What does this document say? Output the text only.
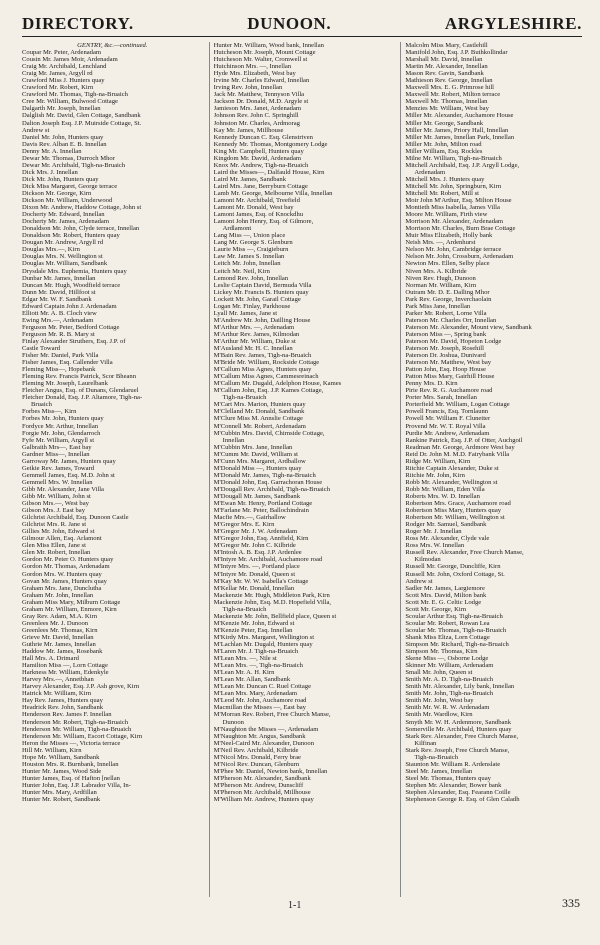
DIRECTORY.	DUNOON.	ARGYLESHIRE.
GENTRY, &c.—continued.
Coupar Mr. Peter, Ardenadam
Cousin Mr. James Moir, Ardenadam
Craig Mr. Archibald, Lenchland
Craig Mr. James, Argyll rd
Crawford Miss J. Hunters quay
Crawford Mr. Robert, Kirn
Crawford Mr. Thomas, Tigh-na-Bruaich
Cree Mr. William, Bulwood Cottage
Dalgarth Mr. Joseph, Innellan
Dalglish Mr. David, Glen Cottage, Sandbank
Dalton Joseph Esq. J.P. Muirside Cottage, St.
Andrew st
Daniel Mr. John, Hunters quay
Davis Rev. Alban E. B. Innellan
Denny Mr. A. Innellan
Dewar Mr. Thomas, Durroch Mhor
Dewar Mr. Archibald, Tigh-na-Bruaich
Dick Mrs. J. Innellan
Dick Mr. John, Hunters quay
Dick Miss Margaret, George terrace
Dickson Mr. George, Kirn
Dickson Mr. William, Underwood
Dixon Mr. Andrew, Haddow Cottage, John st
Docherty Mr. Edward, Innellan
Docherty Mr. James, Ardenadam
Donaldson Mr. John, Clyde terrace, Innellan
Donaldson Mr. Robert, Hunters quay
Dougan Mr. Andrew, Argyll rd
Douglas Mrs.—, Kirn
Douglas Mrs. N. Wellington st
Douglas Mr. William, Sandbank
Drysdale Mrs. Euphemia, Hunters quay
Dunbar Mr. James, Innellan
Duncan Mr. Hugh, Woodfield terrace
Dunn Mr. David, Hillfoot st
Edgar Mr. W. F. Sandbank
Edward Captain John J. Ardenadam
Elliott Mr. A. B. Cloch view
Ewing Mrs.—, Ardenadam
Ferguson Mr. Peter, Bedford Cottage
Ferguson Mr. R. B. Mary st
Finlay Alexander Struthers, Esq. J.P. of
Castle Toward
Fisher Mr. Daniel, Park Villa
Fisher James, Esq. Callender Villa
Fleming Miss—, Hopebank
Fleming Rev. Francis Patrick, Scor Bheann
Fleming Mr. Joseph, Laurelbank
Fletcher Angus, Esq. of Dunans, Glendaruel
Fletcher Donald, Esq. J.P. Altamore, Tigh-na-
Bruaich
Forbes Miss—, Kirn
Forbes Mr. John, Hunters quay
Fordyce Mr. Arthur, Innellan
Forgie Mr. John, Glendarroch
Fyfe Mr. William, Argyll st
Galbraith Mrs—, East bay
Gardner Miss—, Innellan
Garroway Mr. James, Hunters quay
Geikie Rev. James, Toward
Gemmell James, Esq. M.D. John st
Gemmell Mrs. W. Innellan
Gibb Mr. Alexander, Jane Villa
Gibb Mr. William, John st
Gibson Mrs.—, West bay
Gibson Mrs. J. East bay
Gilchrist Archibald, Esq. Dunoon Castle
Gilchrist Mrs. R. Jane st
Gillies Mr. John, Edward st
Gilmour Allen, Esq. Arlamont
Glen Miss Ellen, Jane st
Glen Mr. Robert, Innellan
Gordon Mr. Peter O. Hunters quay
Gordon Mr. Thomas, Ardenadam
Gordon Mrs. W. Hunters quay
Govan Mr. James, Hunters quay
Graham Mrs. Jane, Dunclutha
Graham Mr. John, Innellan
Graham Miss Mary, Milburn Cottage
Graham Mr. William, Enmore, Kirn
Gray Rev. Adam, M.A. Kirn
Greenlees Mr. J. Dunoon
Greenlees Mr. Thomas, Kirn
Grieve Mr. David, Innellan
Guthrie Mr. James, Innellan
Haddow Mr. James, Rosebank
Hall Mrs. A. Drimard
Hamilton Miss —, Lorn Cottage
Harkness Mr. William, Edenkyle
Harvey Mrs.—, Annetbhan
Harvey Alexander, Esq. J.P. Ash grove, Kirn
Hatrick Mr. William, Kirn
Hay Rev. James, Hunters quay
Headrick Rev. John, Sandbank
Henderson Rev. James F. Innellan
Henderson Mr. Robert, Tigh-na-Bruaich
Henderson Mr. William, Tigh-na-Bruaich
Henderson Mr. William, Escort Cottage, Kirn
Heron the Misses —, Victoria terrace
Hill Mr. William, Kirn
Hope Mr. William, Sandbank
Houston Mrs. R. Burnbank, Innellan
Hunter Mr. James, Wood Side
Hunter James, Esq. of Hafton [nellan
Hunter John, Esq. J.P. Labrador Villa, In-
Hunter Mrs. Mary, Ardfillan
Hunter Mr. Robert, Sandbank
Hunter Mr. William, Wood bank, Innellan
Hutcheson Mr. Joseph, Mount Cottage
Hutcheson Mr. Walter, Cromwell st
Hutchinson Mrs. —, Innellan
Hyde Mrs. Elizabeth, West bay
Irvine Mr. Charles Edward, Innellan
Irving Rev. John, Innellan
Jack Mr. Matthew, Tennyson Villa
Jackson Dr. Donald, M.D. Argyle st
Jamieson Mrs. Janet, Ardenadam
Johnson Rev. John C. Springhill
Johnston Mr. Charles, Ardmorag
Kay Mr. James, Millhouse
Kennedy Duncan C. Esq. Glenstriven
Kennedy Mr. Thomas, Montgomery Lodge
King Mr. Campbell, Hunters quay
Kingdom Mr. David, Ardenadam
Knox Mr. Andrew, Tigh-na-Bruaich
Laird the Misses—, Dalfauld House, Kirn
Laird Mr. James, Sandbank
Laird Mrs. Jane, Berryburn Cottage
Lamb Mr. George, Melbourne Villa, Innellan
Lamont Mr. Archibald, Treefield
Lamont Mr. Donald, West bay
Lamont James, Esq. of Knockdhu
Lamont John Henry, Esq. of Gilmore,
Ardlamont
Lang Miss —, Union place
Lang Mr. George S. Glenburn
Laurie Miss —, Craigieburn
Law Mr. James S. Innellan
Leitch Mr. John, Innellan
Leitch Mr. Neil, Kirn
Lemond Rev. John, Innellan
Leslie Captain David, Bermuda Villa
Lickey Mr. Francis B. Hunters quay
Lockett Mr. John, Garail Cottage
Logan Mr. Finlay, Parkhouse
Lyall Mr. James, Jane st
M'Andrew Mr. John, Dailling House
M'Arthur Mrs. —, Ardenadam
M'Arthur Rev. James, Kilmodan
M'Arthur Mr. William, Duke st
M'Ausland Mr. H. C. Innellan
M'Bain Rev. James, Tigh-na-Bruaich
M'Bride Mr. William, Rockside Cottage
M'Callum Miss Agnes, Hunters quay
M'Callum Miss Agnes, Cammesreinach
M'Callum Mr. Dugald, Adelphon House, Kames
M'Callum John, Esq. J.P. Kames Cottage,
Tigh-na-Bruaich
M'Cart Mrs. Marion, Hunters quay
M'Clelland Mr. Donald, Sandbank
M'Clure Miss M. Annslie Cottage
M'Connell Mr. Robert, Ardenadam
M'Cubbin Mrs. David, Chirnside Cottage,
Innellan
M'Cubbin Mrs. Jane, Innellan
M'Cumm Mr. David, William st
M'Cunn Mrs. Margaret, Ardballow
M'Donald Miss —, Hunters quay
M'Donald Mr. James, Tigh-na-Bruaich
M'Donald John, Esq. Garrachoran House
M'Dougall Rev. Archibald, Tigh-na-Bruaich
M'Dougall Mr. James, Sandbank
M'Ewan Mr. Henry, Portland Cottage
M'Farlane Mr. Peter, Ballochindrain
Macfie Mrs.—, Gairhallow
M'Gregor Mrs. E. Kirn
M'Gregor Mr. J. W. Ardenadam
M'Gregor John, Esq. Annfield, Kirn
M'Gregor Mr. John C. Kilbride
M'Intosh A. B. Esq. J.P. Ardenlee
M'Intyre Mr. Archibald, Auchamore road
M'Intyre Mrs. —, Portland place
M'Intyre Mr. Donald, Queen st
M'Kay Mr. W. W. Isabella's Cottage
M'Kellar Mr. Donald, Innellan
Mackenzie Mr. Hugh, Middleton Park, Kirn
Mackenzie John, Esq. M.D. Hopefield Villa,
Tigh-na-Bruaich
Mackenzie Mr. John, Bellfield place, Queen st
M'Kenzie Mr. John, Edward st
M'Kenzie Peter, Esq. Innellan
M'Kirdy Mrs. Margaret, Wellington st
M'Lachlan Mr. Dugald, Hunters quay
M'Laren Mr. J. Tigh-na-Bruaich
M'Lean Mrs. —, Nile st
M'Lean Mrs. —, Tigh-na-Bruaich
M'Lean Mr. A. H. Kirn
M'Lean Mr. Allan, Sandbank
M'Lean Mr. Duncan C. Ruel Cottage
M'Lean Mrs. Mary, Ardenadam
M'Leod Mr. John, Auchamore road
Macmillan the Misses —, East bay
M'Morran Rev. Robert, Free Church Manse,
Dunoon
M'Naughton the Misses —, Ardenadam
M'Naughton Mr. Angus, Sandbank
M'Neel-Caird Mr. Alexander, Dunoon
M'Neil Rev. Archibald, Kilbride
M'Nicol Mrs. Donald, Ferry brae
M'Nicol Rev. Duncan, Glenburn
M'Phee Mr. Daniel, Newton bank, Innellan
M'Pherson Mr. Alexander, Sandbank
M'Pherson Mr. Andrew, Dunscliff
M'Pherson Mr. Archibald, Millhouse
M'William Mr. Andrew, Hunters quay
Malcolm Miss Mary, Castlehill
Manifold John, Esq. J.P. Buthkollindar
Marshall Mr. David, Innellan
Martin Mr. Alexander, Innellan
Mason Rev. Gavin, Sandbank
Mathieson Rev. George, Innellan
Maxwell Mrs. E. G. Primrose hill
Maxwell Mr. Robert, Milton terrace
Maxwell Mr. Thomas, Innellan
Menzies Mr. William, West bay
Miller Mr. Alexander, Auchamore House
Miller Mr. George, Sandbank
Miller Mr. James, Priory Hall, Innellan
Miller Mr. James, Innellan Park, Innellan
Miller Mr. John, Milton road
Miller William, Esq. Rockles
Milne Mr. William, Tigh-na-Bruaich
Mitchell Archibald, Esq. J.P. Argyll Lodge,
Ardenadam
Mitchell Mrs. J. Hunters quay
Mitchell Mr. John, Springburn, Kirn
Mitchell Mr. Robert, Mill st
Moir John M'Arthur, Esq. Milton House
Montieth Miss Isabella, James Villa
Moore Mr. William, Firth view
Morrison Mr. Alexander, Ardenadam
Morrison Mr. Charles, Burn Brae Cottage
Muir Miss Elizabeth, Holly bank
Neish Mrs. —, Ardenhurst
Nelson Mr. John, Cambridge terrace
Nelson Mr. John, Crossburn, Ardenadam
Newton Mrs. Ellen, Selby place
Niven Mrs. A. Kilbride
Niven Rev. Hugh, Dunoon
Norman Mr. William, Kirn
Outram Mr. D. E. Dalling Mhor
Park Rev. George, Inverchaolain
Park Miss Jane, Innellan
Parker Mr. Robert, Lorne Villa
Paterson Mr. Charles Orr, Innellan
Paterson Mr. Alexander, Mount view, Sandbank
Paterson Miss —, Spring bank
Paterson Mr. David, Hopeton Lodge
Paterson Mr. Joseph, Rosehill
Paterson Dr. Joshua, Dunivard
Paterson Mr. Matthew, West bay
Patton John, Esq. Hoop House
Patton Miss Mary, Gairhill House
Penny Mrs. D. Kirn
Pirie Rev. R. G. Auchamore road
Porter Mrs. Sarah, Innellan
Porterfield Mr. William, Logan Cottage
Powell Francis, Esq. Tornlaunn
Powell Mr. William F. Clunetter
Provend Mr. W. T. Royal Villa
Purdie Mr. Andrew, Ardenadam
Rankine Patrick, Esq. J.P. of Otter, Auchgoil
Readman Mr. George, Ardmore West bay
Reid Dr. John M. M.D. Fairybank Villa
Ridge Mr. William, Kirn
Ritchie Captain Alexander, Duke st
Ritchie Mr. John, Kirn
Robb Mr. Alexander, Wellington st
Robb Mr. William, Eden Villa
Roberts Mrs. W. D. Innellan
Robertson Mrs. Grace, Auchamore road
Robertson Miss Mary, Hunters quay
Robertson Mr. William, Wellington st
Rodger Mr. Samuel, Sandbank
Roger Mr. J. Innellan
Ross Mr. Alexander, Clyde vale
Ross Mrs. W. Innellan
Russell Rev. Alexander, Free Church Manse,
Kilmodan
Russell Mr. George, Duncliffe, Kirn
Russell Mr. John, Oxford Cottage, St.
Andrew st
Sadler Mr. James, Largiemore
Scott Mrs. David, Milton bank
Scott Mr. E. G. Celtic Lodge
Scott Mr. George, Kirn
Scoular Arthur Esq. Tigh-na-Bruaich
Scoular Mr. Robert, Rowan Lea
Scoular Mr. Thomas, Tigh-na-Bruaich
Shank Miss Eliza, Lorn Cottage
Simpson Mr. Richard, Tigh-na-Bruaich
Simpson Mr. Thomas, Kirn
Skene Miss —, Osborne Lodge
Skinner Mr. William, Ardenadam
Small Mr. John, Queen st
Smith Mr. A. D. Tigh-na-Bruaich
Smith Mr. Alexander, Lily bank, Innellan
Smith Mr. John, Tigh-na-Bruaich
Smith Mr. John, West bay
Smith Mr. W. R. W. Ardenadam
Smith Mr. Wardlow, Kirn
Smyth Mr. W. H. Ardenmore, Sandbank
Somerville Mr. Archibald, Hunters quay
Stark Rev. Alexander, Free Church Manse,
Kilfinan
Stark Rev. Joseph, Free Church Manse,
Tigh-na-Bruaich
Staunton Mr. William R. Ardenslate
Steel Mr. James, Innellan
Steel Mr. Thomas, Hunters quay
Stephen Mr. Alexander, Bower bank
Stephen Alexander, Esq. Fearann Coille
Stephenson George R. Esq. of Glen Caladh
1-1	335
